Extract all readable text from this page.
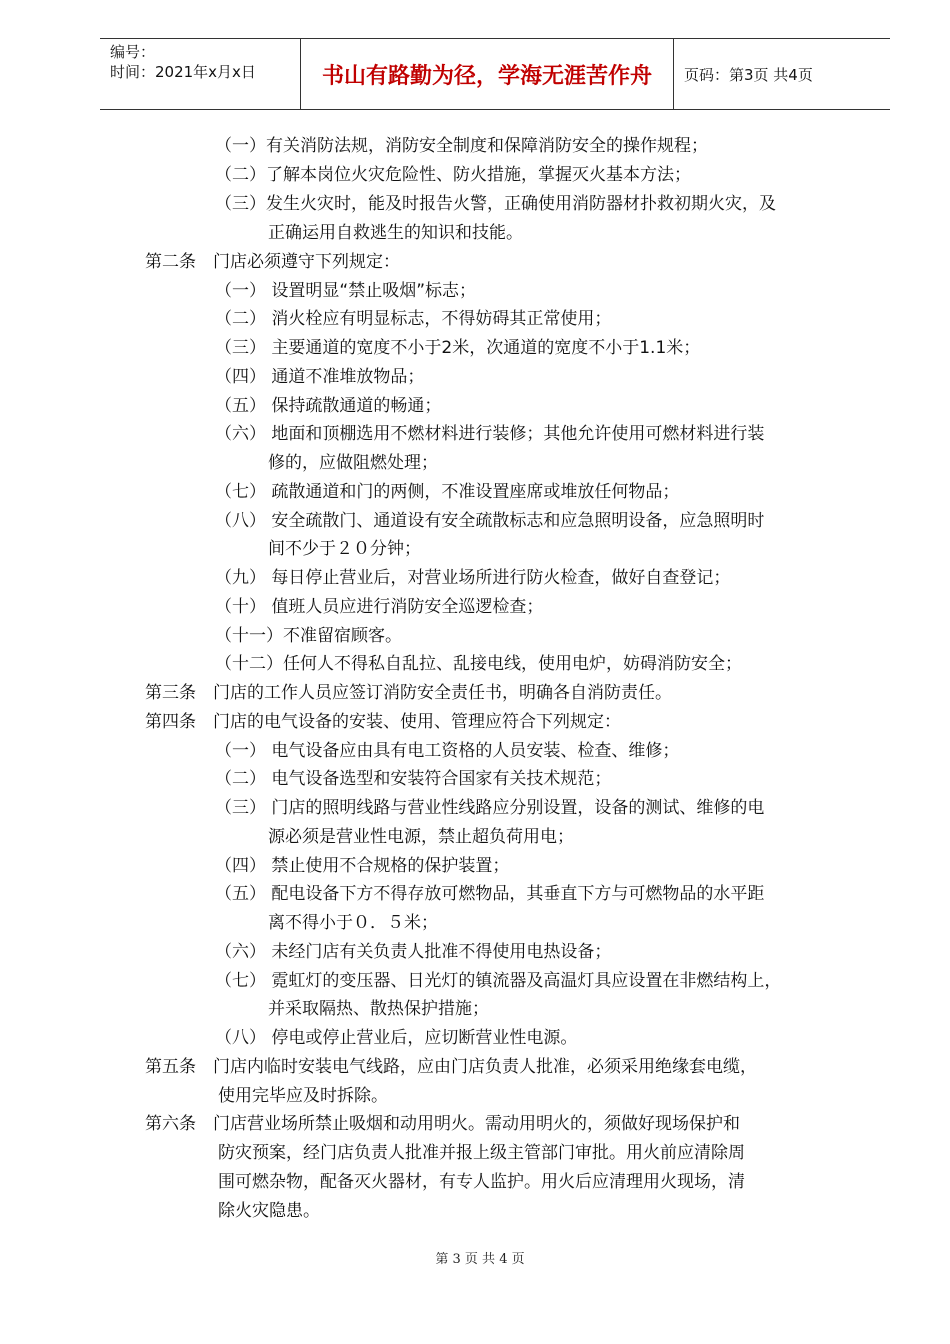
编号：
时间：2021年x月x日	书山有路勤为径，学海无涯苦作舟	页码：第3页 共4页
（一）有关消防法规，消防安全制度和保障消防安全的操作规程；
（二）了解本岗位火灾危险性、防火措施，掌握灭火基本方法；
（三）发生火灾时，能及时报告火警，正确使用消防器材扑救初期火灾，及
正确运用自救逃生的知识和技能。
第二条　门店必须遵守下列规定：
（一） 设置明显“禁止吸烟”标志；
（二） 消火栓应有明显标志，不得妨碍其正常使用；
（三） 主要通道的宽度不小于2米，次通道的宽度不小于1.1米；
（四） 通道不准堆放物品；
（五） 保持疏散通道的畅通；
（六） 地面和顶棚选用不燃材料进行装修；其他允许使用可燃材料进行装
修的，应做阻燃处理；
（七） 疏散通道和门的两侧，不准设置座席或堆放任何物品；
（八） 安全疏散门、通道设有安全疏散标志和应急照明设备，应急照明时
间不少于２０分钟；
（九） 每日停止营业后，对营业场所进行防火检查，做好自查登记；
（十） 值班人员应进行消防安全巡逻检查；
（十一）不准留宿顾客。
（十二）任何人不得私自乱拉、乱接电线，使用电炉，妨碍消防安全；
第三条　门店的工作人员应签订消防安全责任书，明确各自消防责任。
第四条　门店的电气设备的安装、使用、管理应符合下列规定：
（一） 电气设备应由具有电工资格的人员安装、检查、维修；
（二） 电气设备选型和安装符合国家有关技术规范；
（三） 门店的照明线路与营业性线路应分别设置，设备的测试、维修的电
源必须是营业性电源，禁止超负荷用电；
（四） 禁止使用不合规格的保护装置；
（五） 配电设备下方不得存放可燃物品，其垂直下方与可燃物品的水平距
离不得小于０．５米；
（六） 未经门店有关负责人批准不得使用电热设备；
（七） 霓虹灯的变压器、日光灯的镇流器及高温灯具应设置在非燃结构上，
并采取隔热、散热保护措施；
（八） 停电或停止营业后，应切断营业性电源。
第五条　门店内临时安装电气线路，应由门店负责人批准，必须采用绝缘套电缆，
使用完毕应及时拆除。
第六条　门店营业场所禁止吸烟和动用明火。需动用明火的，须做好现场保护和
防灾预案，经门店负责人批准并报上级主管部门审批。用火前应清除周
围可燃杂物，配备灭火器材，有专人监护。用火后应清理用火现场，清
除火灾隐患。
第 3 页 共 4 页
